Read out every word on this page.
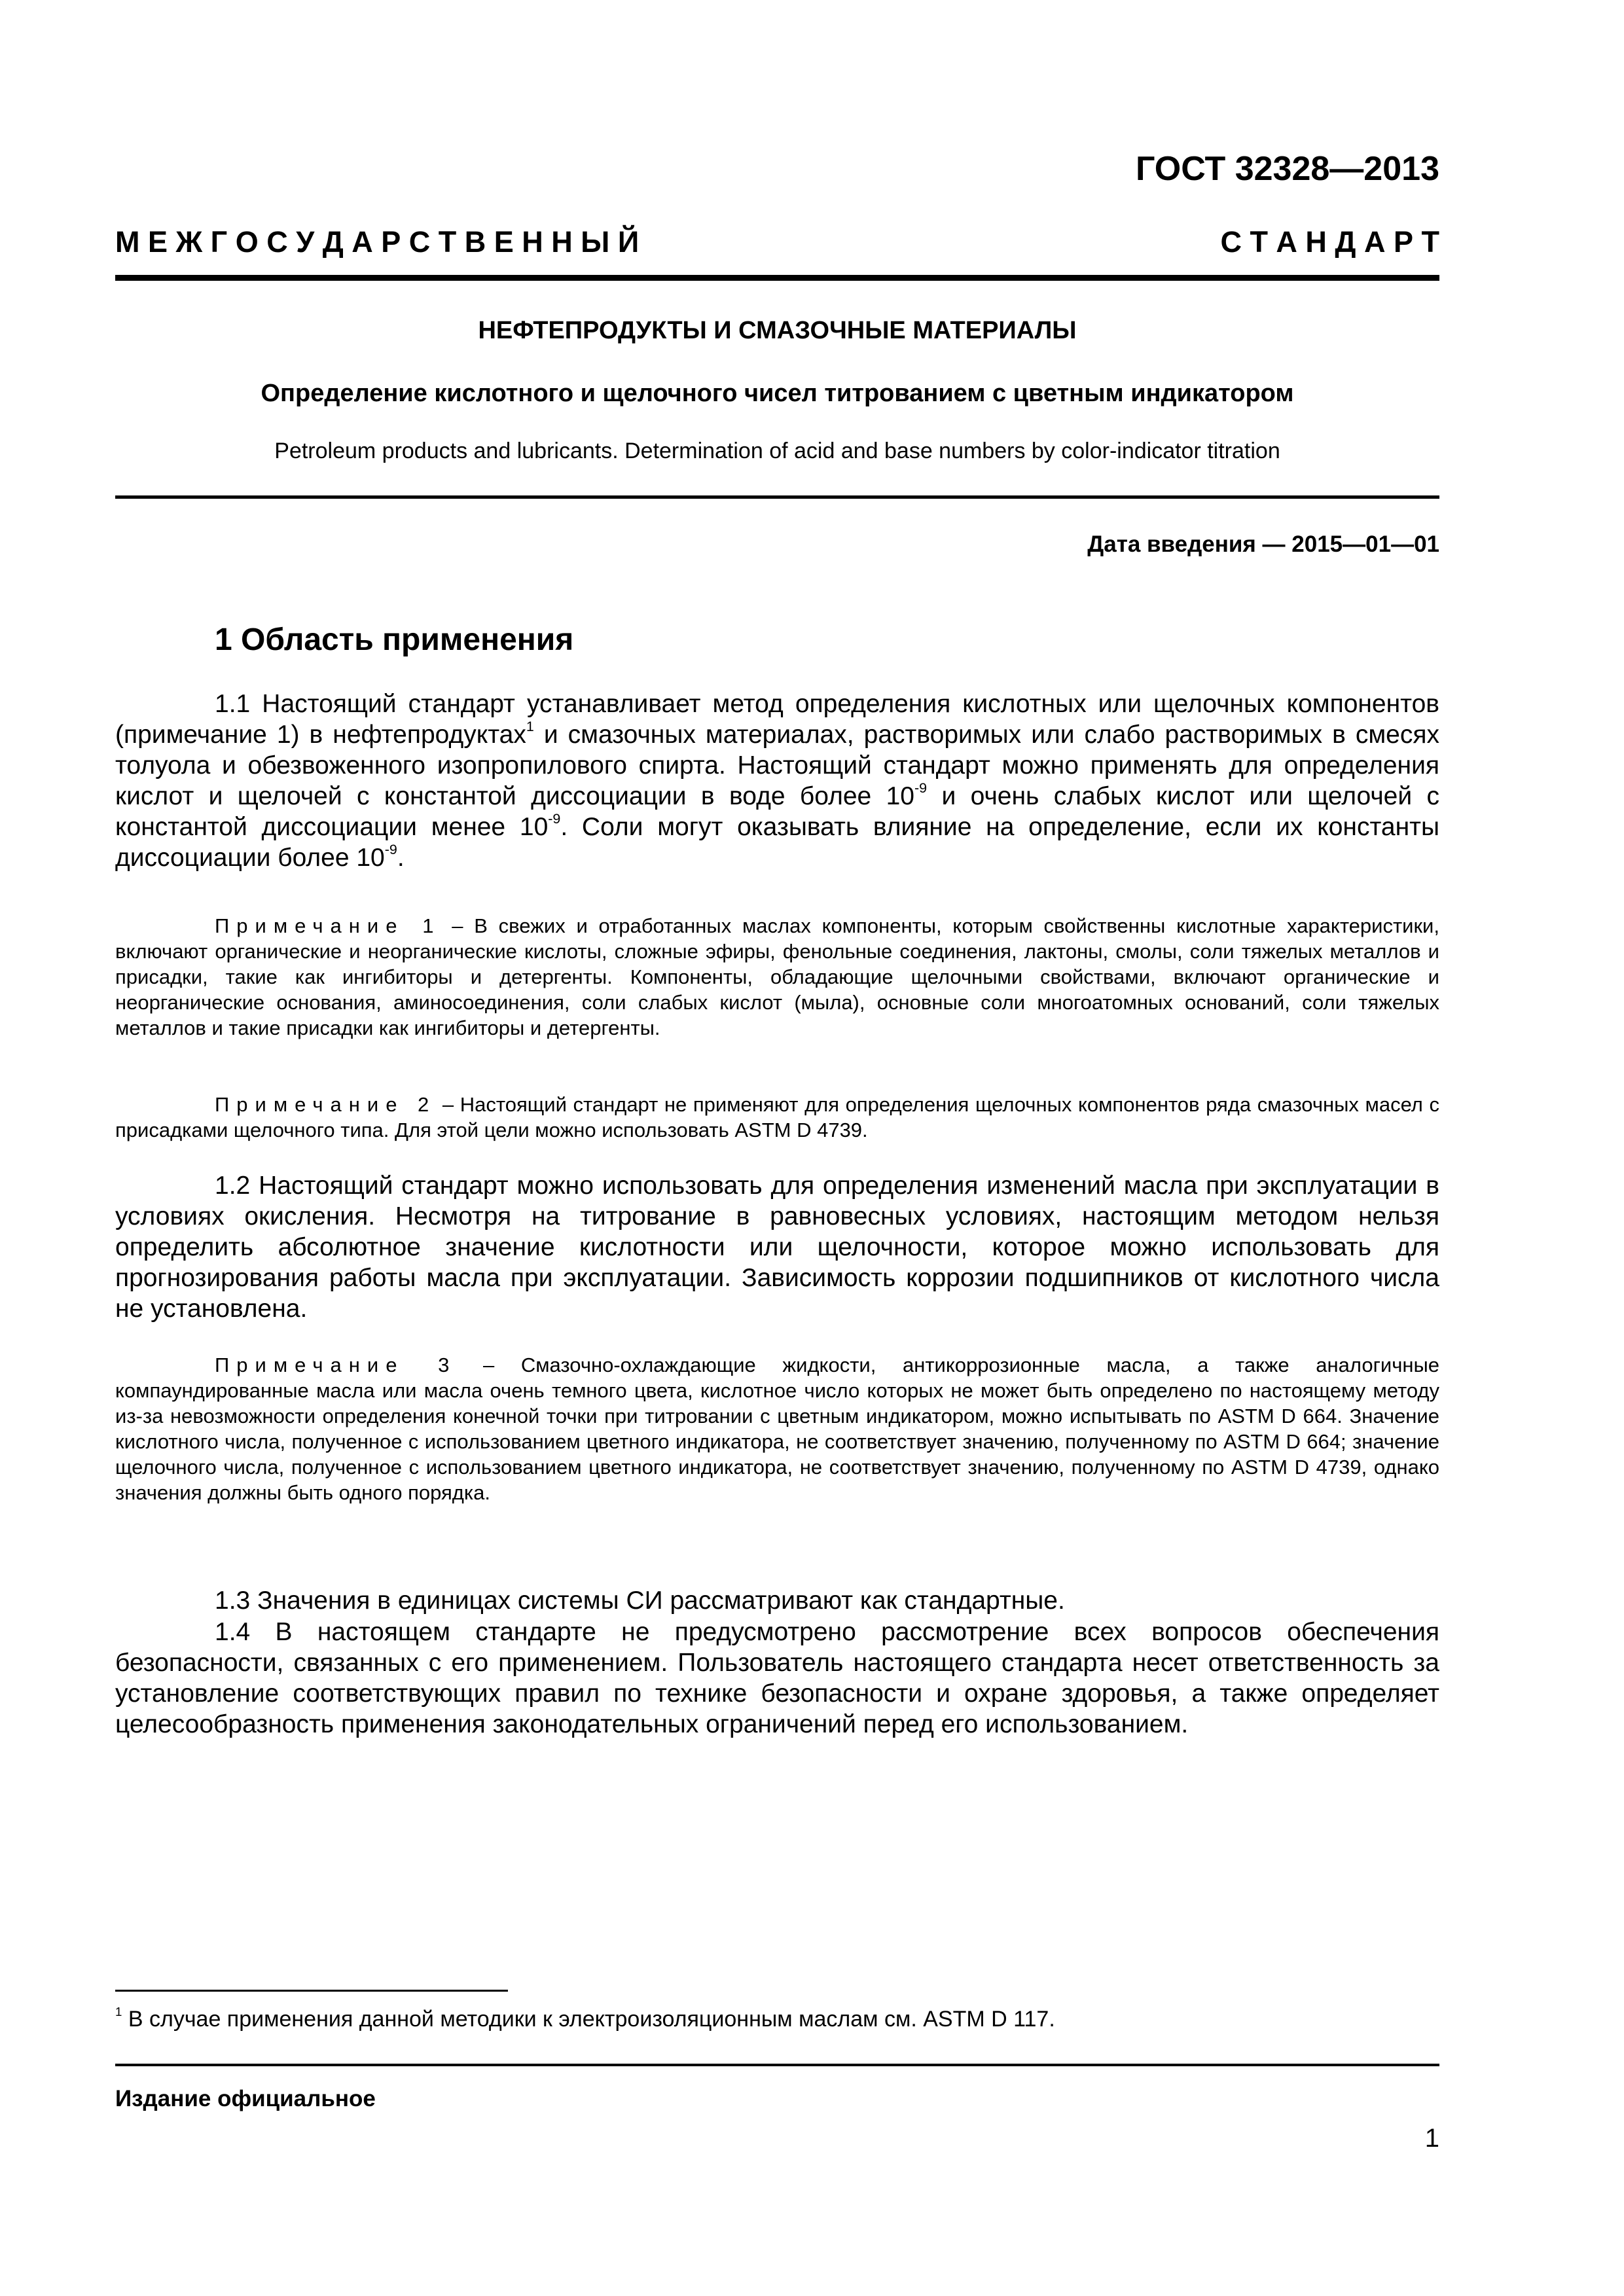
ГОСТ 32328—2013
М Е Ж Г О С У Д А Р С Т В Е Н Н Ы Й	С Т А Н Д А Р Т
НЕФТЕПРОДУКТЫ И СМАЗОЧНЫЕ МАТЕРИАЛЫ
Определение кислотного и щелочного чисел титрованием с цветным индикатором
Petroleum products and lubricants. Determination of acid and base numbers by color-indicator titration
Дата введения — 2015—01—01
1 Область применения

1.1 Настоящий стандарт устанавливает метод определения кислотных или щелочных компонентов (примечание 1) в нефтепродуктах$^1$ и смазочных материалах, растворимых или слабо растворимых в смесях толуола и обезвоженного изопропилового спирта. Настоящий стандарт можно применять для определения кислот и щелочей с константой диссоциации в воде более $10^{-9}$ и очень слабых кислот или щелочей с константой диссоциации менее $10^{-9}$. Соли могут оказывать влияние на определение, если их константы диссоциации более $10^{-9}$.

Примечание 1 – В свежих и отработанных маслах компоненты, которым свойственны кислотные характеристики, включают органические и неорганические кислоты, сложные эфиры, фенольные соединения, лактоны, смолы, соли тяжелых металлов и присадки, такие как ингибиторы и детергенты. Компоненты, обладающие щелочными свойствами, включают органические и неорганические основания, аминосоединения, соли слабых кислот (мыла), основные соли многоатомных оснований, соли тяжелых металлов и такие присадки как ингибиторы и детергенты.

Примечание 2 – Настоящий стандарт не применяют для определения щелочных компонентов ряда смазочных масел с присадками щелочного типа. Для этой цели можно использовать ASTM D 4739.

1.2 Настоящий стандарт можно использовать для определения изменений масла при эксплуатации в условиях окисления. Несмотря на титрование в равновесных условиях, настоящим методом нельзя определить абсолютное значение кислотности или щелочности, которое можно использовать для прогнозирования работы масла при эксплуатации. Зависимость коррозии подшипников от кислотного числа не установлена.

Примечание 3 – Смазочно-охлаждающие жидкости, антикоррозионные масла, а также аналогичные компаундированные масла или масла очень темного цвета, кислотное число которых не может быть определено по настоящему методу из-за невозможности определения конечной точки при титровании с цветным индикатором, можно испытывать по ASTM D 664. Значение кислотного числа, полученное с использованием цветного индикатора, не соответствует значению, полученному по ASTM D 664; значение щелочного числа, полученное с использованием цветного индикатора, не соответствует значению, полученному по ASTM D 4739, однако значения должны быть одного порядка.

1.3 Значения в единицах системы СИ рассматривают как стандартные.

1.4 В настоящем стандарте не предусмотрено рассмотрение всех вопросов обеспечения безопасности, связанных с его применением. Пользователь настоящего стандарта несет ответственность за установление соответствующих правил по технике безопасности и охране здоровья, а также определяет целесообразность применения законодательных ограничений перед его использованием.

$^1$ В случае применения данной методики к электроизоляционным маслам см. ASTM D 117.
Издание официальное
1
